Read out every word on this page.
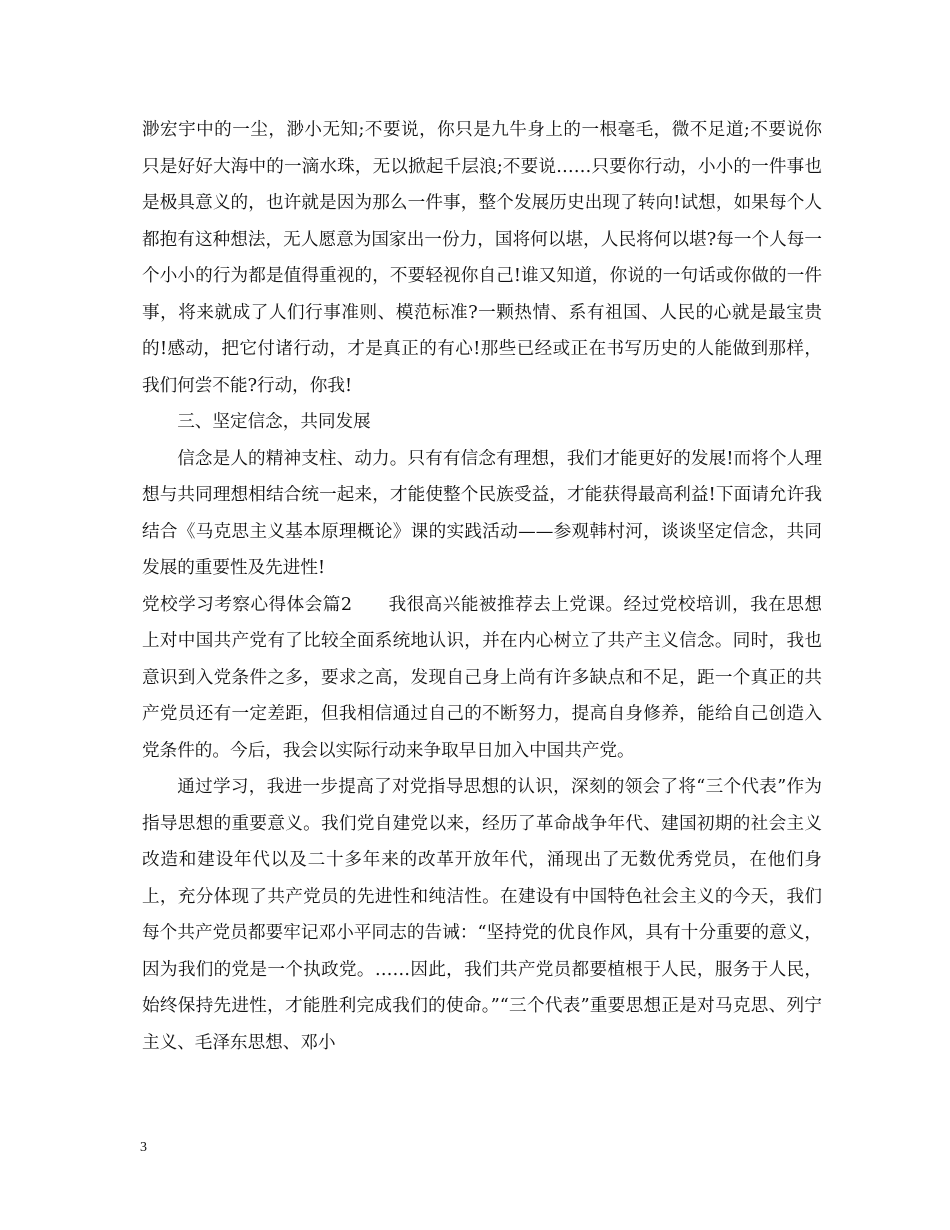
渺宏宇中的一尘，渺小无知;不要说，你只是九牛身上的一根毫毛，微不足道;不要说你只是好好大海中的一滴水珠，无以掀起千层浪;不要说……只要你行动，小小的一件事也是极具意义的，也许就是因为那么一件事，整个发展历史出现了转向!试想，如果每个人都抱有这种想法，无人愿意为国家出一份力，国将何以堪，人民将何以堪?每一个人每一个小小的行为都是值得重视的，不要轻视你自己!谁又知道，你说的一句话或你做的一件事，将来就成了人们行事准则、模范标准?一颗热情、系有祖国、人民的心就是最宝贵的!感动，把它付诸行动，才是真正的有心!那些已经或正在书写历史的人能做到那样，我们何尝不能?行动，你我!

三、坚定信念，共同发展

信念是人的精神支柱、动力。只有有信念有理想，我们才能更好的发展!而将个人理想与共同理想相结合统一起来，才能使整个民族受益，才能获得最高利益!下面请允许我结合《马克思主义基本原理概论》课的实践活动——参观韩村河，谈谈坚定信念，共同发展的重要性及先进性!

党校学习考察心得体会篇2 我很高兴能被推荐去上党课。经过党校培训，我在思想上对中国共产党有了比较全面系统地认识，并在内心树立了共产主义信念。同时，我也意识到入党条件之多，要求之高，发现自己身上尚有许多缺点和不足，距一个真正的共产党员还有一定差距，但我相信通过自己的不断努力，提高自身修养，能给自己创造入党条件的。今后，我会以实际行动来争取早日加入中国共产党。

通过学习，我进一步提高了对党指导思想的认识，深刻的领会了将“三个代表”作为指导思想的重要意义。我们党自建党以来，经历了革命战争年代、建国初期的社会主义改造和建设年代以及二十多年来的改革开放年代，涌现出了无数优秀党员，在他们身上，充分体现了共产党员的先进性和纯洁性。在建设有中国特色社会主义的今天，我们每个共产党员都要牢记邓小平同志的告诫：“坚持党的优良作风，具有十分重要的意义，因为我们的党是一个执政党。……因此，我们共产党员都要植根于人民，服务于人民，始终保持先进性，才能胜利完成我们的使命。”“三个代表”重要思想正是对马克思、列宁主义、毛泽东思想、邓小

3
